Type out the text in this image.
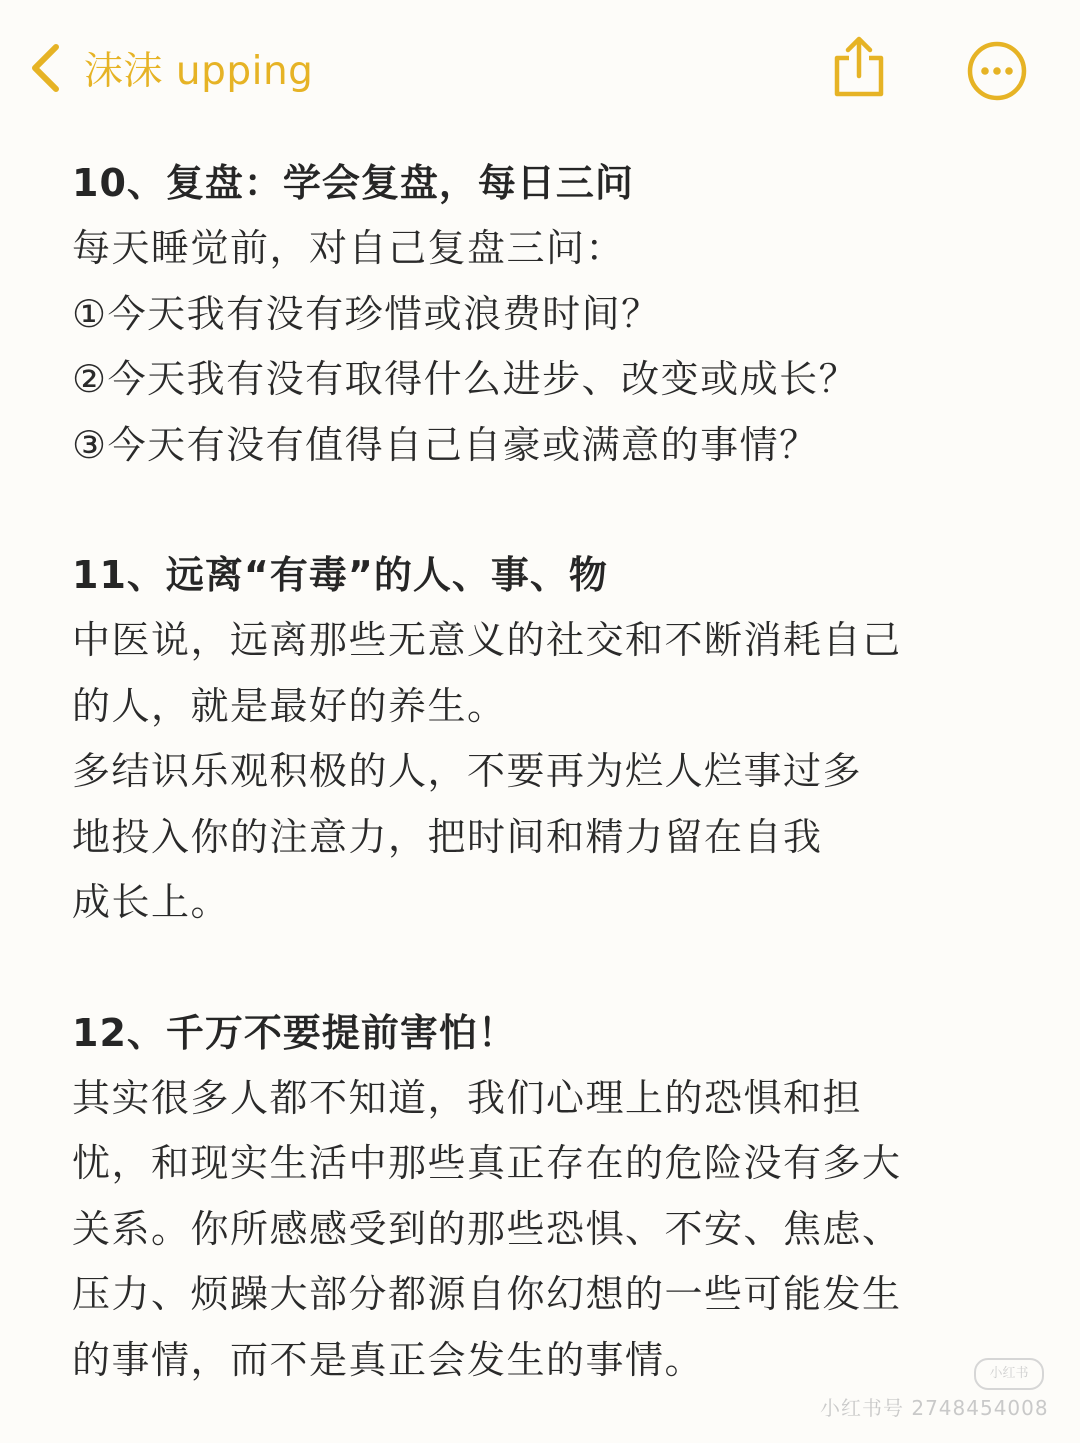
沫沫 upping
10、复盘：学会复盘，每日三问
每天睡觉前，对自己复盘三问：
①今天我有没有珍惜或浪费时间？
②今天我有没有取得什么进步、改变或成长？
③今天有没有值得自己自豪或满意的事情？
11、远离“有毒”的人、事、物
中医说，远离那些无意义的社交和不断消耗自己
的人，就是最好的养生。
多结识乐观积极的人，不要再为烂人烂事过多
地投入你的注意力，把时间和精力留在自我
成长上。
12、千万不要提前害怕！
其实很多人都不知道，我们心理上的恐惧和担
忧，和现实生活中那些真正存在的危险没有多大
关系。你所感感受到的那些恐惧、不安、焦虑、
压力、烦躁大部分都源自你幻想的一些可能发生
的事情，而不是真正会发生的事情。	小红书
小红书号 2748454008
